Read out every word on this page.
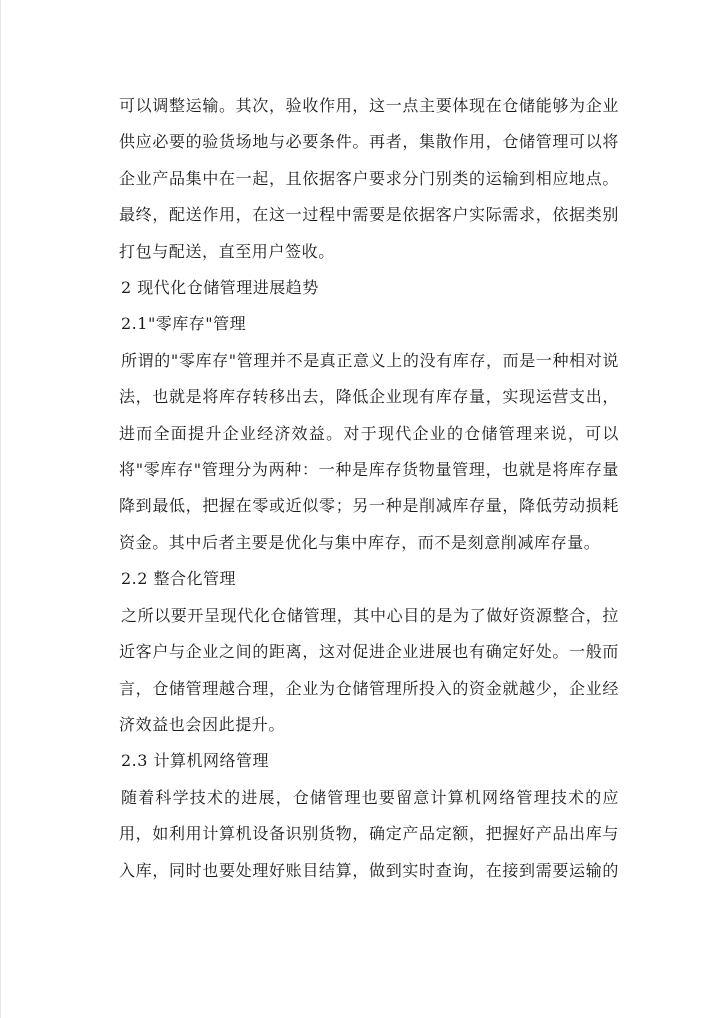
可以调整运输。其次，验收作用，这一点主要体现在仓储能够为企业供应必要的验货场地与必要条件。再者，集散作用，仓储管理可以将企业产品集中在一起，且依据客户要求分门别类的运输到相应地点。最终，配送作用，在这一过程中需要是依据客户实际需求，依据类别打包与配送，直至用户签收。

2 现代化仓储管理进展趋势

2.1"零库存"管理

所谓的"零库存"管理并不是真正意义上的没有库存，而是一种相对说法，也就是将库存转移出去，降低企业现有库存量，实现运营支出，进而全面提升企业经济效益。对于现代企业的仓储管理来说，可以将"零库存"管理分为两种：一种是库存货物量管理，也就是将库存量降到最低，把握在零或近似零；另一种是削减库存量，降低劳动损耗资金。其中后者主要是优化与集中库存，而不是刻意削减库存量。

2.2 整合化管理

之所以要开呈现代化仓储管理，其中心目的是为了做好资源整合，拉近客户与企业之间的距离，这对促进企业进展也有确定好处。一般而言，仓储管理越合理，企业为仓储管理所投入的资金就越少，企业经济效益也会因此提升。

2.3 计算机网络管理

随着科学技术的进展，仓储管理也要留意计算机网络管理技术的应用，如利用计算机设备识别货物，确定产品定额，把握好产品出库与入库，同时也要处理好账目结算，做到实时查询，在接到需要运输的
